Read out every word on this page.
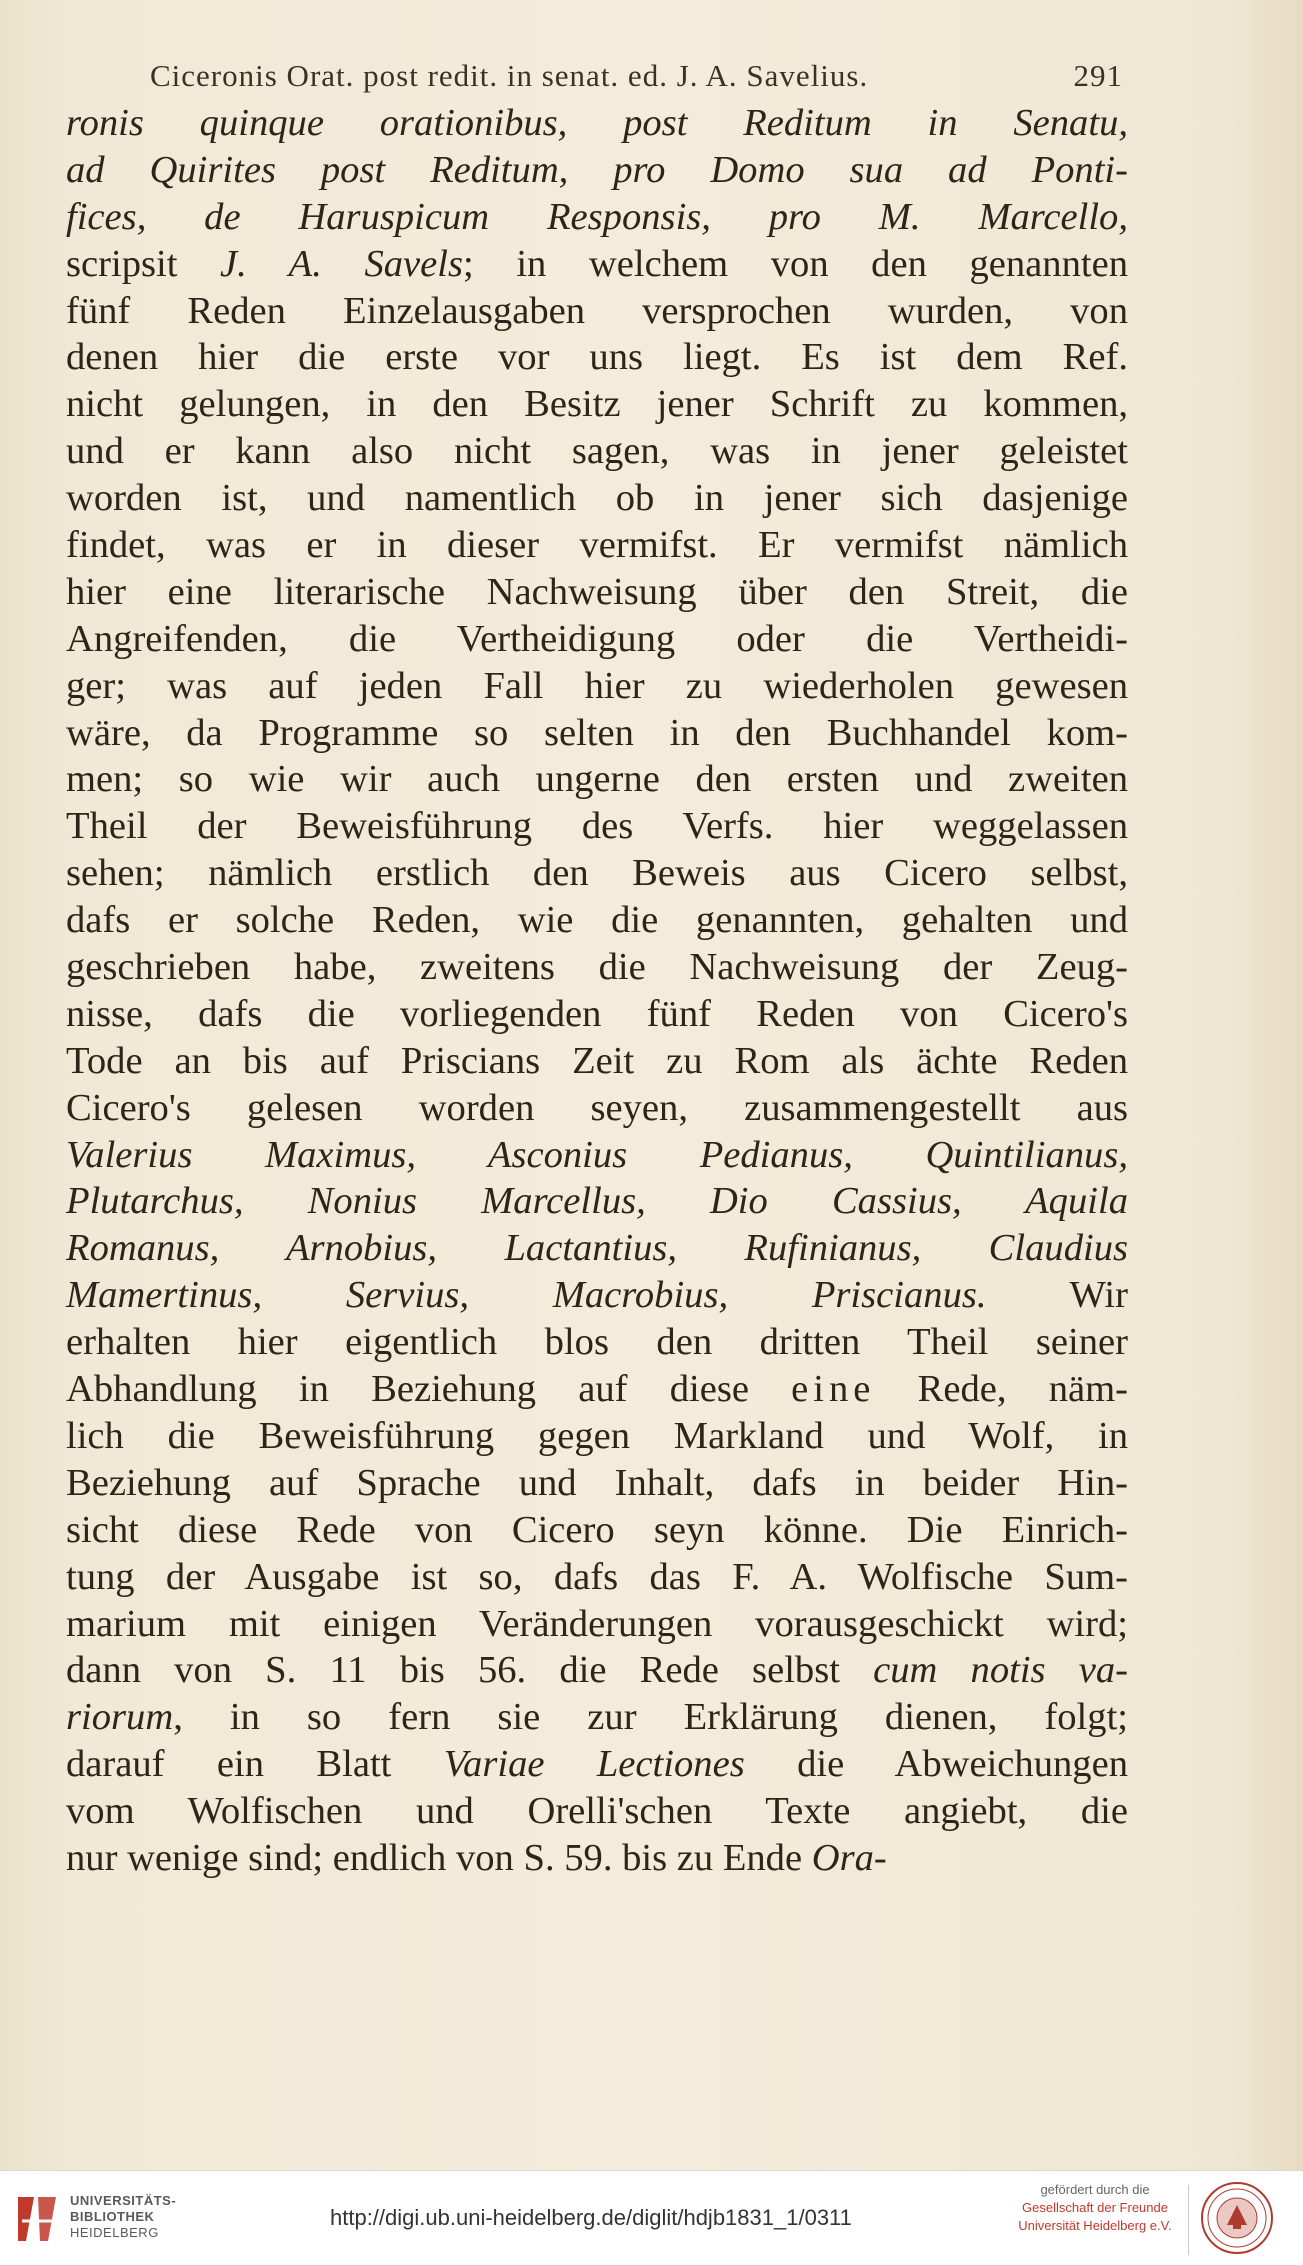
Ciceronis Orat. post redit. in senat. ed. J. A. Savelius.	291
ronis quinque orationibus, post Reditum in Senatu,
ad Quirites post Reditum, pro Domo sua ad Ponti-
fices, de Haruspicum Responsis, pro M. Marcello,
scripsit J. A. Savels; in welchem von den genannten
fünf Reden Einzelausgaben versprochen wurden, von
denen hier die erste vor uns liegt. Es ist dem Ref.
nicht gelungen, in den Besitz jener Schrift zu kommen,
und er kann also nicht sagen, was in jener geleistet
worden ist, und namentlich ob in jener sich dasjenige
findet, was er in dieser vermifst. Er vermifst nämlich
hier eine literarische Nachweisung über den Streit, die
Angreifenden, die Vertheidigung oder die Vertheidi-
ger; was auf jeden Fall hier zu wiederholen gewesen
wäre, da Programme so selten in den Buchhandel kom-
men; so wie wir auch ungerne den ersten und zweiten
Theil der Beweisführung des Verfs. hier weggelassen
sehen; nämlich erstlich den Beweis aus Cicero selbst,
dafs er solche Reden, wie die genannten, gehalten und
geschrieben habe, zweitens die Nachweisung der Zeug-
nisse, dafs die vorliegenden fünf Reden von Cicero's
Tode an bis auf Priscians Zeit zu Rom als ächte Reden
Cicero's gelesen worden seyen, zusammengestellt aus
Valerius Maximus, Asconius Pedianus, Quintilianus,
Plutarchus, Nonius Marcellus, Dio Cassius, Aquila
Romanus, Arnobius, Lactantius, Rufinianus, Claudius
Mamertinus, Servius, Macrobius, Priscianus. Wir
erhalten hier eigentlich blos den dritten Theil seiner
Abhandlung in Beziehung auf diese eine Rede, näm-
lich die Beweisführung gegen Markland und Wolf, in
Beziehung auf Sprache und Inhalt, dafs in beider Hin-
sicht diese Rede von Cicero seyn könne. Die Einrich-
tung der Ausgabe ist so, dafs das F. A. Wolfische Sum-
marium mit einigen Veränderungen vorausgeschickt wird;
dann von S. 11 bis 56. die Rede selbst cum notis va-
riorum, in so fern sie zur Erklärung dienen, folgt;
darauf ein Blatt Variae Lectiones die Abweichungen
vom Wolfischen und Orelli'schen Texte angiebt, die
nur wenige sind; endlich von S. 59. bis zu Ende Ora-
UNIVERSITÄTS-
BIBLIOTHEK
HEIDELBERG
http://digi.ub.uni-heidelberg.de/diglit/hdjb1831_1/0311
gefördert durch die
Gesellschaft der Freunde
Universität Heidelberg e.V.
